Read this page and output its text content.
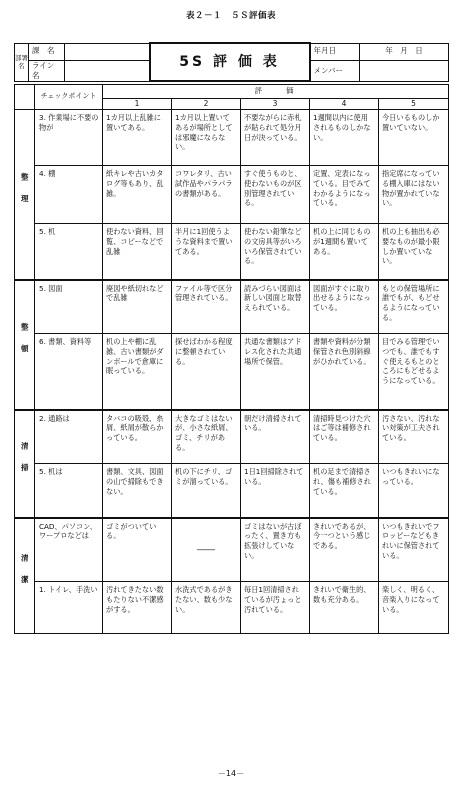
表２－１　５Ｓ評価表
部署名	課　名		5S 評 価 表	年月日	年　月　日
	ライン名			メンバー	
	チェックポイント	評　　価				
		1	2	3	4	5
整理	3. 作業場に不要の物が	1カ月以上乱雑に置いてある。	1カ月以上置いてあるが場所としては邪魔にならない。	不要ながらに赤札が貼られて処分月日が決っている。	1週間以内に使用されるものしかない。	今日いるものしか置いていない。
	4. 棚	紙キレや古いカタログ等もあり、乱雑。	コワレタリ、古い試作品やパラパラの書類がある。	すぐ使うものと、使わないものが区別管理されている。	定置、定表になっている。目でみてわかるようになっている。	指定席になっている棚入庫にはない物が置かれていない。
	5. 机	使わない資料、回覧、コピーなどで乱雑	半月に1回使うような資料まで置いてある。	使わない鉛筆などの文房具等がいろいろ保管されている。	机の上に同じものが1週間も置いてある。	机の上も抽出も必要なものが最小限しか置いていない。
整頓	5. 図面	廃図や紙切れなどで乱雑	ファイル等で区分管理されている。	読みづらい図面は新しい図面と取替えられている。	図面がすぐに取り出せるようになっている。	もとの保管場所に誰でもが、もどせるようになっている。
	6. 書類、資料等	机の上や棚に乱雑、古い書類がダンボールで倉庫に眠っている。	探せばわかる程度に整頓されている。	共通な書類はアドレス化された共通場所で保管。	書類や資料が分類保管され色別斜線がひかれている。	目でみる管理でいつでも、誰でもすぐ使えるもとのところにもどせるようになっている。
清掃	2. 通路は	タバコの吸殻、糸屑、紙屑が散らかっている。	大きなゴミはないが、小さな紙屑、ゴミ、チリがある。	朝だけ清掃されている。	清掃時見つけた穴はご等は補修されている。	汚さない、汚れない対策が工夫されている。
	5. 机は	書類、文具、図面の山で掃除もできない。	机の下にチリ、ゴミが溜っている。	1日1回掃除されている。	机の足まで清掃され、傷も補修されている。	いつもきれいになっている。
清潔	CAD、パソコン、ワープロなどは	ゴミがついている。	――	ゴミはないが古ぼったく、置き方も拡張けしていない。	きれいであるが、今一つという感じである。	いつもきれいでフロッピーなどもきれいに保管されている。
	1. トイレ、手洗い	汚れてきたない数もたりない不潔感がする。	水洗式であるがきたない、数も少ない。	毎日1回清掃されているが汚ょっと汚れている。	きれいで衛生的、数も充分ある。	楽しく、明るく、音楽入りになっている。
－14－
